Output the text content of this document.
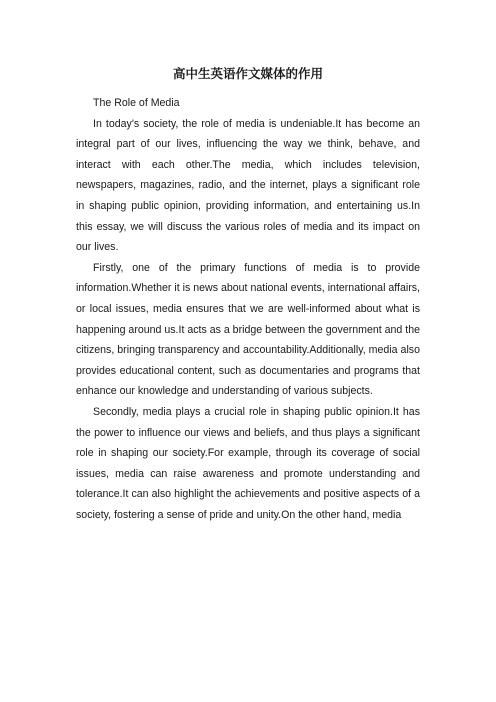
高中生英语作文媒体的作用

The Role of Media

In today's society, the role of media is undeniable.It has become an integral part of our lives, influencing the way we think, behave, and interact with each other.The media, which includes television, newspapers, magazines, radio, and the internet, plays a significant role in shaping public opinion, providing information, and entertaining us.In this essay, we will discuss the various roles of media and its impact on our lives.

Firstly, one of the primary functions of media is to provide information.Whether it is news about national events, international affairs, or local issues, media ensures that we are well-informed about what is happening around us.It acts as a bridge between the government and the citizens, bringing transparency and accountability.Additionally, media also provides educational content, such as documentaries and programs that enhance our knowledge and understanding of various subjects.

Secondly, media plays a crucial role in shaping public opinion.It has the power to influence our views and beliefs, and thus plays a significant role in shaping our society.For example, through its coverage of social issues, media can raise awareness and promote understanding and tolerance.It can also highlight the achievements and positive aspects of a society, fostering a sense of pride and unity.On the other hand, media
